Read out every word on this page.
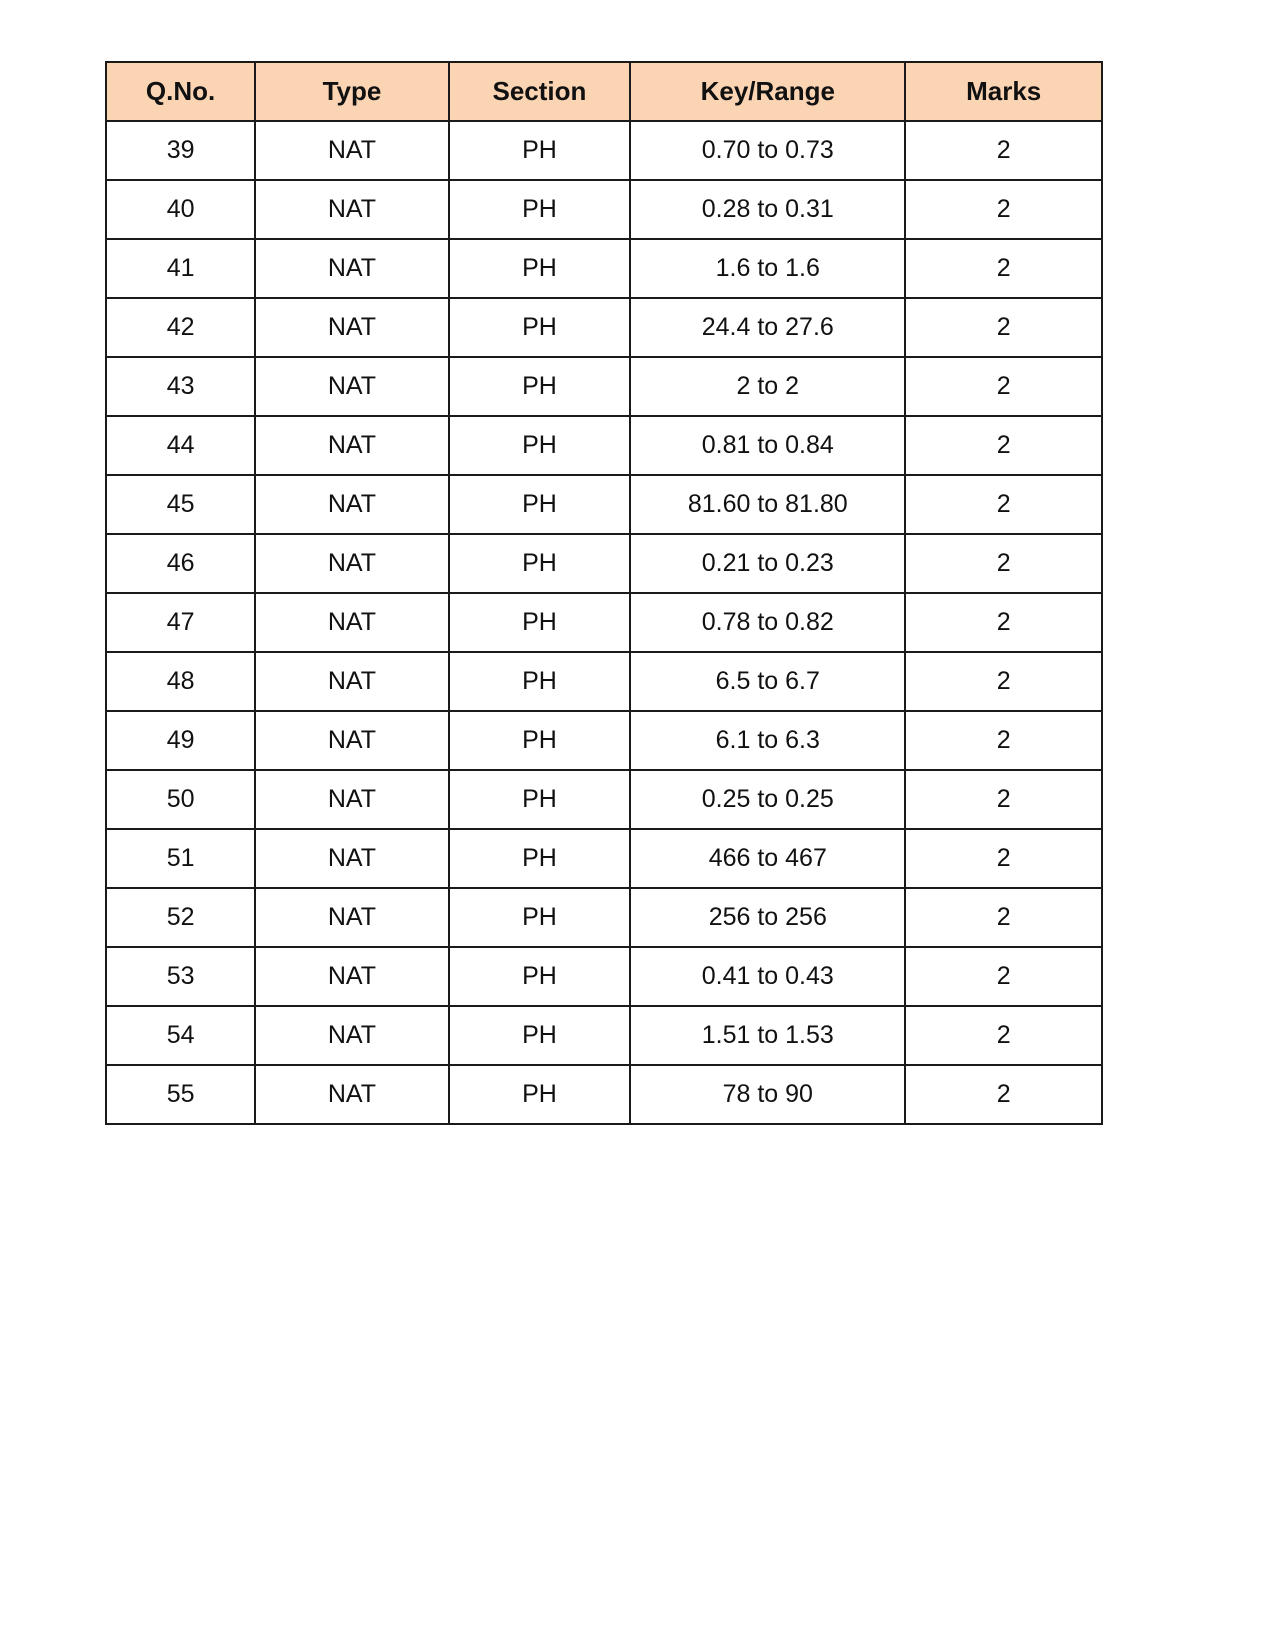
Q.No.	Type	Section	Key/Range	Marks
39	NAT	PH	0.70 to 0.73	2
40	NAT	PH	0.28 to 0.31	2
41	NAT	PH	1.6 to 1.6	2
42	NAT	PH	24.4 to 27.6	2
43	NAT	PH	2 to 2	2
44	NAT	PH	0.81 to 0.84	2
45	NAT	PH	81.60 to 81.80	2
46	NAT	PH	0.21 to 0.23	2
47	NAT	PH	0.78 to 0.82	2
48	NAT	PH	6.5 to 6.7	2
49	NAT	PH	6.1 to 6.3	2
50	NAT	PH	0.25 to 0.25	2
51	NAT	PH	466 to 467	2
52	NAT	PH	256 to 256	2
53	NAT	PH	0.41 to 0.43	2
54	NAT	PH	1.51 to 1.53	2
55	NAT	PH	78 to 90	2
